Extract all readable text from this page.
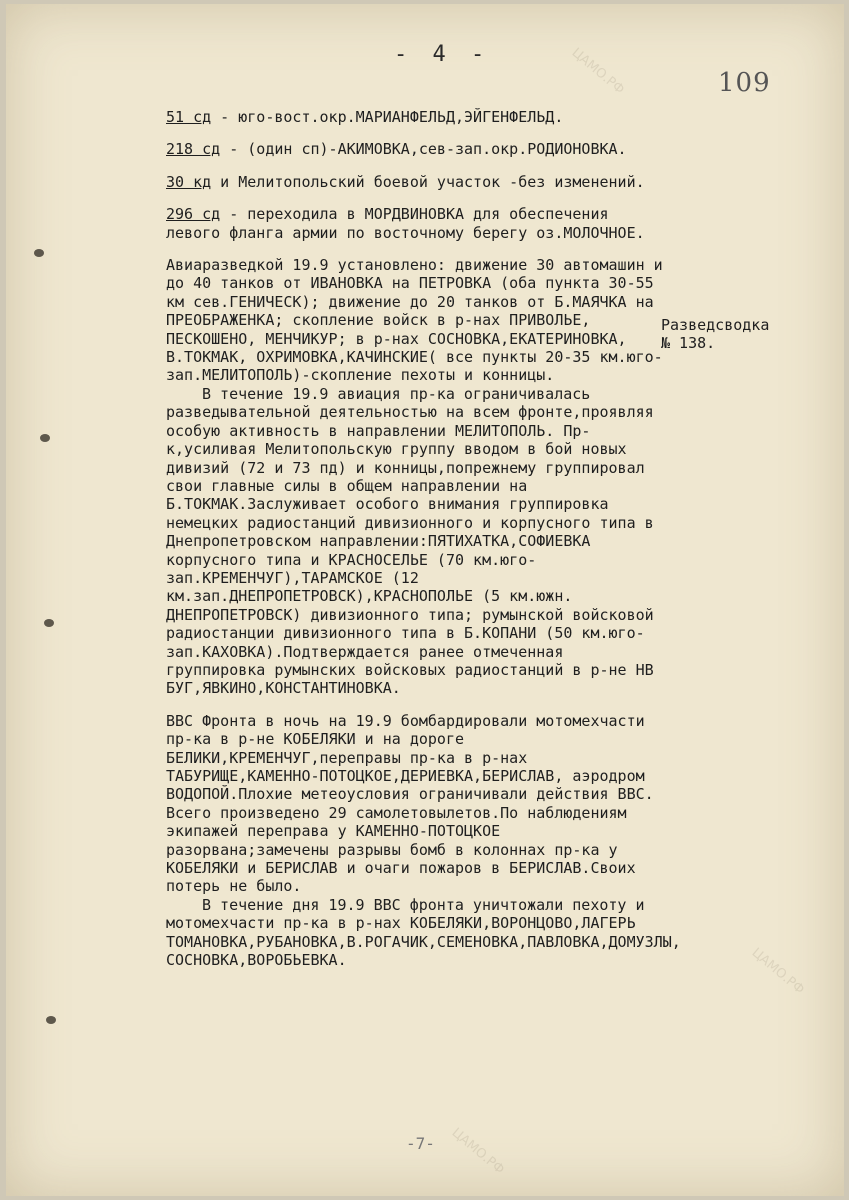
- 4 -
109

51 сд - юго-вост.окр.МАРИАНФЕЛЬД,ЭЙГЕНФЕЛЬД.

218 сд - (один сп)-АКИМОВКА,сев-зап.окр.РОДИОНОВКА.

30 кд и Мелитопольский боевой участок -без изменений.

296 сд - переходила в МОРДВИНОВКА для обеспечения левого фланга армии по восточному берегу оз.МОЛОЧНОЕ.

Авиаразведкой 19.9 установлено: движение 30 автомашин и до 40 танков от ИВАНОВКА на ПЕТРОВКА (оба пункта 30-55 км сев.ГЕНИЧЕСК); движение до 20 танков от Б.МАЯЧКА на ПРЕОБРАЖЕНКА; скопление войск в р-нах ПРИВОЛЬЕ, ПЕСКОШЕНО, МЕНЧИКУР; в р-нах СОСНОВКА,ЕКАТЕРИНОВКА, В.ТОКМАК, ОХРИМОВКА,КАЧИНСКИЕ( все пункты 20-35 км.юго-зап.МЕЛИТОПОЛЬ)-скопление пехоты и конницы.

В течение 19.9 авиация пр-ка ограничивалась разведывательной деятельностью на всем фронте,проявляя особую активность в направлении МЕЛИТОПОЛЬ. Пр-к,усиливая Мелитопольскую группу вводом в бой новых дивизий (72 и 73 пд) и конницы,попрежнему группировал свои главные силы в общем направлении на Б.ТОКМАК.Заслуживает особого внимания группировка немецких радиостанций дивизионного и корпусного типа в Днепропетровском направлении:ПЯТИХАТКА,СОФИЕВКА корпусного типа и КРАСНОСЕЛЬЕ (70 км.юго-зап.КРЕМЕНЧУГ),ТАРАМСКОЕ (12 км.зап.ДНЕПРОПЕТРОВСК),КРАСНОПОЛЬЕ (5 км.южн. ДНЕПРОПЕТРОВСК) дивизионного типа; румынской войсковой радиостанции дивизионного типа в Б.КОПАНИ (50 км.юго-зап.КАХОВКА).Подтверждается ранее отмеченная группировка румынских войсковых радиостанций в р-не НВ БУГ,ЯВКИНО,КОНСТАНТИНОВКА.

ВВС Фронта в ночь на 19.9 бомбардировали мотомехчасти пр-ка в р-не КОБЕЛЯКИ и на дороге БЕЛИКИ,КРЕМЕНЧУГ,переправы пр-ка в р-нах ТАБУРИЩЕ,КАМЕННО-ПОТОЦКОЕ,ДЕРИЕВКА,БЕРИСЛАВ, аэродром ВОДОПОЙ.Плохие метеоусловия ограничивали действия ВВС. Всего произведено 29 самолетовылетов.По наблюдениям экипажей переправа у КАМЕННО-ПОТОЦКОЕ разорвана;замечены разрывы бомб в колоннах пр-ка у КОБЕЛЯКИ и БЕРИСЛАВ и очаги пожаров в БЕРИСЛАВ.Своих потерь не было.

В течение дня 19.9 ВВС фронта уничтожали пехоту и мотомехчасти пр-ка в р-нах КОБЕЛЯКИ,ВОРОНЦОВО,ЛАГЕРЬ ТОМАНОВКА,РУБАНОВКА,В.РОГАЧИК,СЕМЕНОВКА,ПАВЛОВКА,ДОМУЗЛЫ, СОСНОВКА,ВОРОБЬЕВКА.

Разведсводка
№ 138.
-7-
ЦАМО.РФ
ЦАМО.РФ
ЦАМО.РФ
